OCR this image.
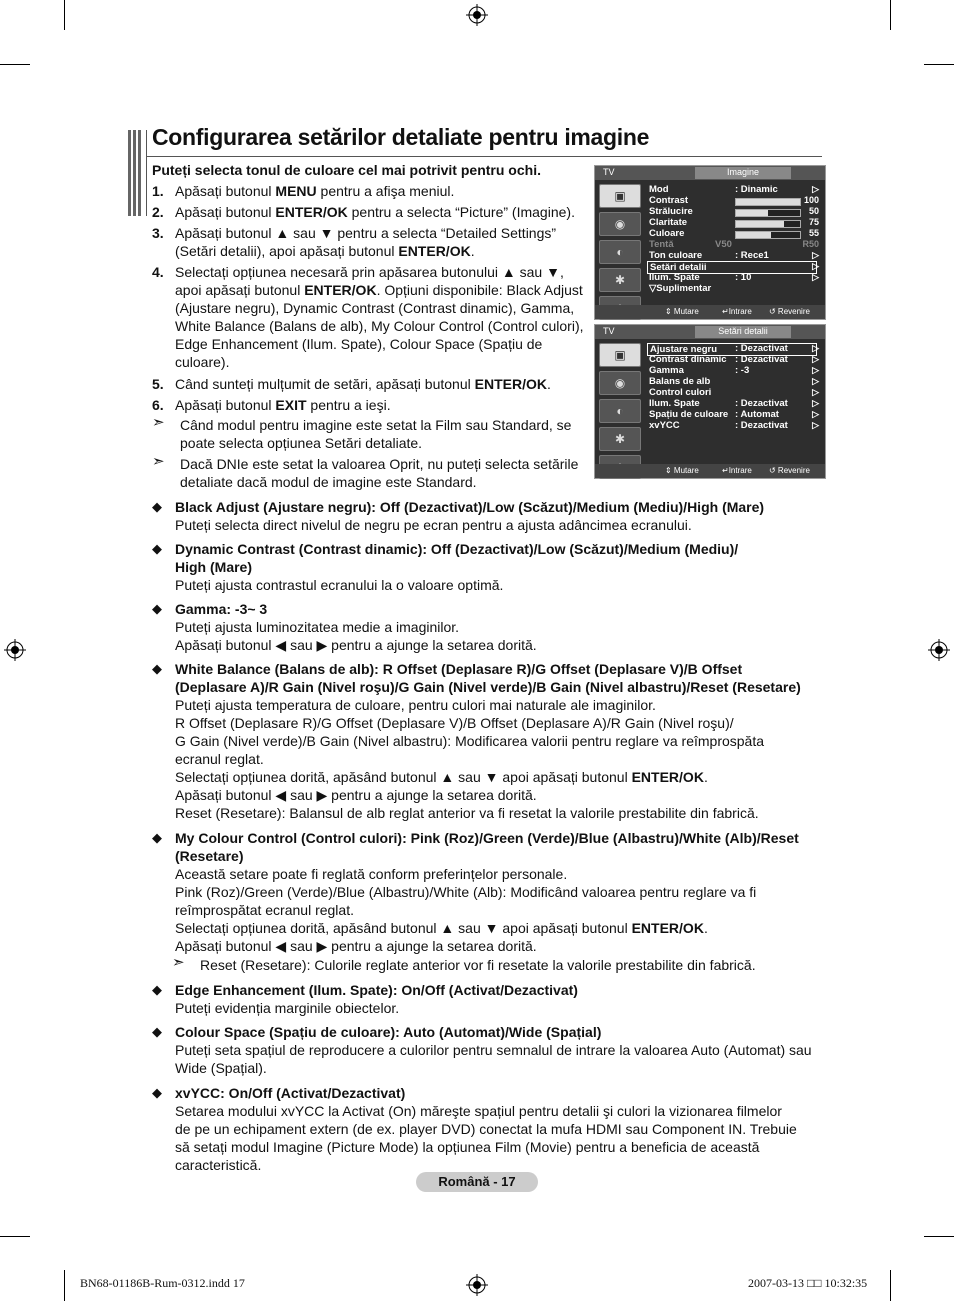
Configurarea setărilor detaliate pentru imagine
Puteți selecta tonul de culoare cel mai potrivit pentru ochi.
1. Apăsați butonul MENU pentru a afişa meniul.
2. Apăsați butonul ENTER/OK pentru a selecta “Picture” (Imagine).
3. Apăsați butonul ▲ sau ▼ pentru a selecta “Detailed Settings”
(Setări detalii), apoi apăsați butonul ENTER/OK.
4. Selectați opțiunea necesară prin apăsarea butonului ▲ sau ▼,
apoi apăsați butonul ENTER/OK. Opțiuni disponibile: Black Adjust
(Ajustare negru), Dynamic Contrast (Contrast dinamic), Gamma,
White Balance (Balans de alb), My Colour Control (Control culori),
Edge Enhancement (Ilum. Spate), Colour Space (Spațiu de
culoare).
5. Când sunteți mulțumit de setări, apăsați butonul ENTER/OK.
6. Apăsați butonul EXIT pentru a ieşi.
➣ Când modul pentru imagine este setat la Film sau Standard, se
poate selecta opțiunea Setări detaliate.
➣ Dacă DNIe este setat la valoarea Oprit, nu puteți selecta setările
detaliate dacă modul de imagine este Standard.
TV	Imagine
▣
◉
◐
✱
Mod	: Dinamic	▷
Contrast	100
Strălucire	50
Claritate	75
Culoare	55
Tentă	V50	R50
Ton culoare	: Rece1	▷
Setări detalii	▷
Ilum. Spate	: 10	▷
▽Suplimentar
⇕ Mutare	↵Intrare ↺ Revenire
TV	Setări detalii
▣
◉
◐
✱
Ajustare negru	: Dezactivat	▷
Contrast dinamic : Dezactivat	▷
Gamma	: -3	▷
Balans de alb	▷
Control culori	▷
Ilum. Spate	: Dezactivat	▷
Spațiu de culoare : Automat	▷
xvYCC	: Dezactivat	▷
⇕ Mutare	↵Intrare ↺ Revenire
◆ Black Adjust (Ajustare negru): Off (Dezactivat)/Low (Scăzut)/Medium (Mediu)/High (Mare)
Puteți selecta direct nivelul de negru pe ecran pentru a ajusta adâncimea ecranului.
◆ Dynamic Contrast (Contrast dinamic): Off (Dezactivat)/Low (Scăzut)/Medium (Mediu)/
High (Mare)
Puteți ajusta contrastul ecranului la o valoare optimă.
◆ Gamma: -3~ 3
Puteți ajusta luminozitatea medie a imaginilor.
Apăsați butonul ◀ sau ▶ pentru a ajunge la setarea dorită.
◆ White Balance (Balans de alb): R Offset (Deplasare R)/G Offset (Deplasare V)/B Offset
(Deplasare A)/R Gain (Nivel roşu)/G Gain (Nivel verde)/B Gain (Nivel albastru)/Reset (Resetare)
Puteți ajusta temperatura de culoare, pentru culori mai naturale ale imaginilor.
R Offset (Deplasare R)/G Offset (Deplasare V)/B Offset (Deplasare A)/R Gain (Nivel roşu)/
G Gain (Nivel verde)/B Gain (Nivel albastru): Modificarea valorii pentru reglare va reîmprospăta
ecranul reglat.
Selectați opțiunea dorită, apăsând butonul ▲ sau ▼ apoi apăsați butonul ENTER/OK.
Apăsați butonul ◀ sau ▶ pentru a ajunge la setarea dorită.
Reset (Resetare): Balansul de alb reglat anterior va fi resetat la valorile prestabilite din fabrică.
◆ My Colour Control (Control culori): Pink (Roz)/Green (Verde)/Blue (Albastru)/White (Alb)/Reset
(Resetare)
Această setare poate fi reglată conform preferințelor personale.
Pink (Roz)/Green (Verde)/Blue (Albastru)/White (Alb): Modificând valoarea pentru reglare va fi
reîmprospătat ecranul reglat.
Selectați opțiunea dorită, apăsând butonul ▲ sau ▼ apoi apăsați butonul ENTER/OK.
Apăsați butonul ◀ sau ▶ pentru a ajunge la setarea dorită.
➣ Reset (Resetare): Culorile reglate anterior vor fi resetate la valorile prestabilite din fabrică.
◆ Edge Enhancement (Ilum. Spate): On/Off (Activat/Dezactivat)
Puteți evidenția marginile obiectelor.
◆ Colour Space (Spațiu de culoare): Auto (Automat)/Wide (Spațial)
Puteți seta spațiul de reproducere a culorilor pentru semnalul de intrare la valoarea Auto (Automat) sau
Wide (Spațial).
◆ xvYCC: On/Off (Activat/Dezactivat)
Setarea modului xvYCC la Activat (On) măreşte spațiul pentru detalii şi culori la vizionarea filmelor
de pe un echipament extern (de ex. player DVD) conectat la mufa HDMI sau Component IN. Trebuie
să setați modul Imagine (Picture Mode) la opțiunea Film (Movie) pentru a beneficia de această
caracteristică.
Română - 17
BN68-01186B-Rum-0312.indd 17	2007-03-13 □□ 10:32:35
